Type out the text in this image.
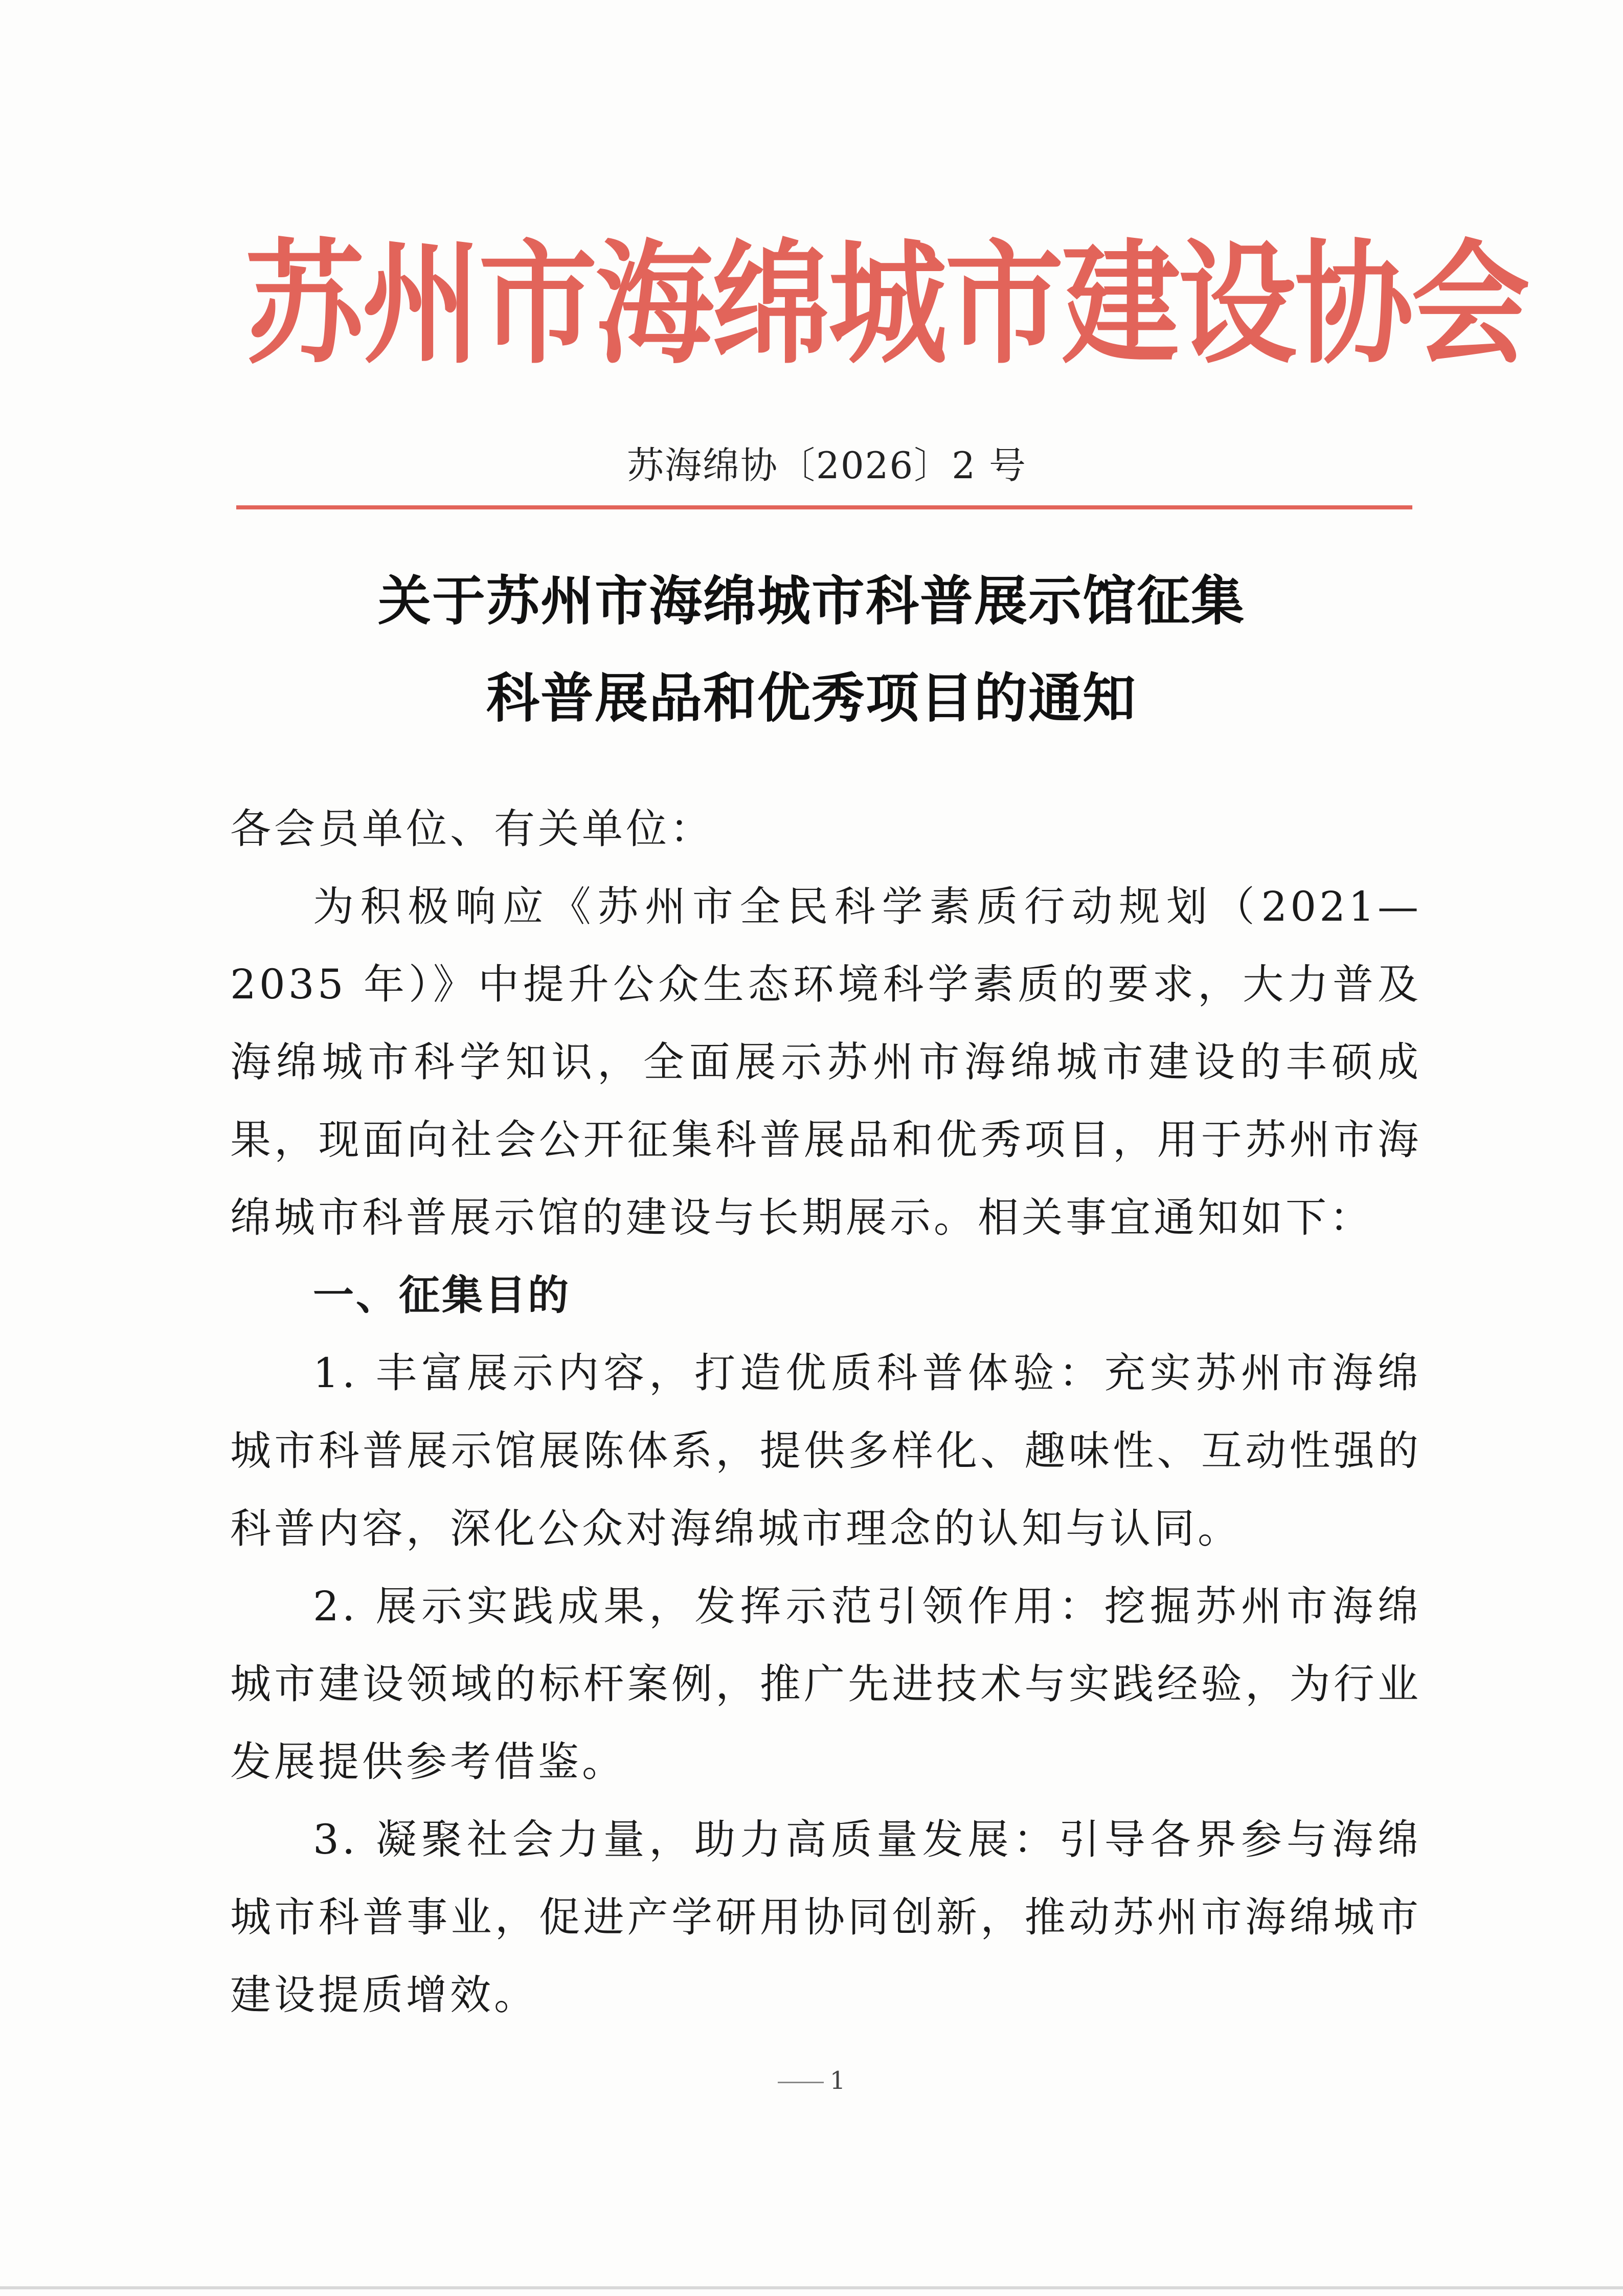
苏州市海绵城市建设协会
苏海绵协〔2026〕2 号
关于苏州市海绵城市科普展示馆征集
科普展品和优秀项目的通知

各会员单位、有关单位：

为积极响应《苏州市全民科学素质行动规划（2021—2035 年）》中提升公众生态环境科学素质的要求，大力普及海绵城市科学知识，全面展示苏州市海绵城市建设的丰硕成果，现面向社会公开征集科普展品和优秀项目，用于苏州市海绵城市科普展示馆的建设与长期展示。相关事宜通知如下：

一、征集目的

1. 丰富展示内容，打造优质科普体验：充实苏州市海绵城市科普展示馆展陈体系，提供多样化、趣味性、互动性强的科普内容，深化公众对海绵城市理念的认知与认同。

2. 展示实践成果，发挥示范引领作用：挖掘苏州市海绵城市建设领域的标杆案例，推广先进技术与实践经验，为行业发展提供参考借鉴。

3. 凝聚社会力量，助力高质量发展：引导各界参与海绵城市科普事业，促进产学研用协同创新，推动苏州市海绵城市建设提质增效。

1
